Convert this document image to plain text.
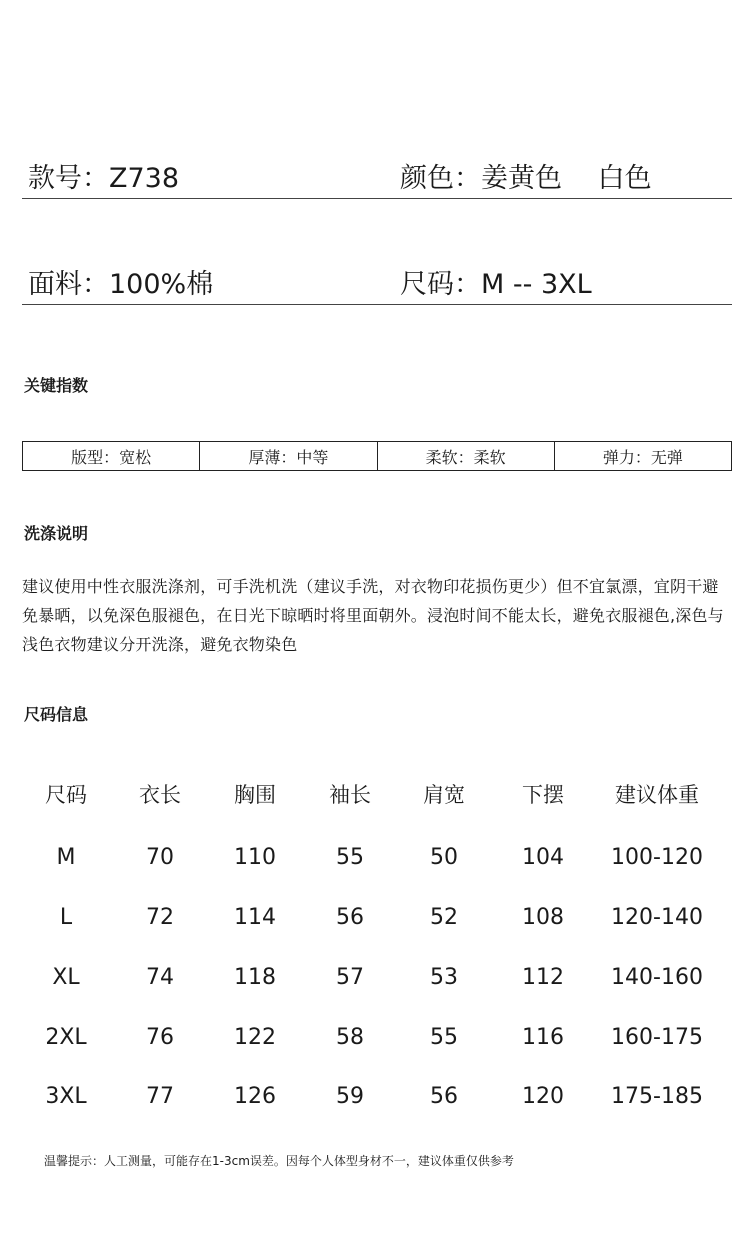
款号：Z738	颜色：姜黄色　 白色
面料：100%棉	尺码：M -- 3XL
关键指数
版型：宽松	厚薄：中等	柔软：柔软	弹力：无弹
洗涤说明
建议使用中性衣服洗涤剂，可手洗机洗（建议手洗，对衣物印花损伤更少）但不宜氯漂，宜阴干避免暴晒，以免深色服褪色，在日光下晾晒时将里面朝外。浸泡时间不能太长，避免衣服褪色,深色与浅色衣物建议分开洗涤，避免衣物染色
尺码信息
尺码	衣长	胸围	袖长	肩宽	下摆	建议体重
M	70	110	55	50	104	100-120
L	72	114	56	52	108	120-140
XL	74	118	57	53	112	140-160
2XL	76	122	58	55	116	160-175
3XL	77	126	59	56	120	175-185
温馨提示：人工测量，可能存在1-3cm误差。因每个人体型身材不一，建议体重仅供参考
